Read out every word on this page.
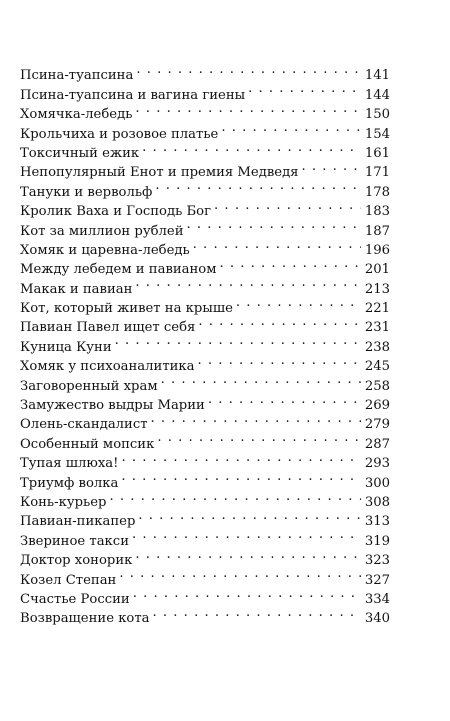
Псина-туапсина . . .	141
Псина-туапсина и вагина гиены . . .	144
Хомячка-лебедь . . .	150
Крольчиха и розовое платье . . .	154
Токсичный ежик . . .	161
Непопулярный Енот и премия Медведя . . .	171
Тануки и вервольф . . .	178
Кролик Ваха и Господь Бог . . .	183
Кот за миллион рублей . . .	187
Хомяк и царевна-лебедь . . .	196
Между лебедем и павианом . . .	201
Макак и павиан . . .	213
Кот, который живет на крыше . . .	221
Павиан Павел ищет себя . . .	231
Куница Куни . . .	238
Хомяк у психоаналитика . . .	245
Заговоренный храм . . .	258
Замужество выдры Марии . . .	269
Олень-скандалист . . .	279
Особенный мопсик . . .	287
Тупая шлюха! . . .	293
Триумф волка . . .	300
Конь-курьер . . .	308
Павиан-пикапер . . .	313
Звериное такси . . .	319
Доктор хонорик . . .	323
Козел Степан . . .	327
Счастье России . . .	334
Возвращение кота . . .	340
